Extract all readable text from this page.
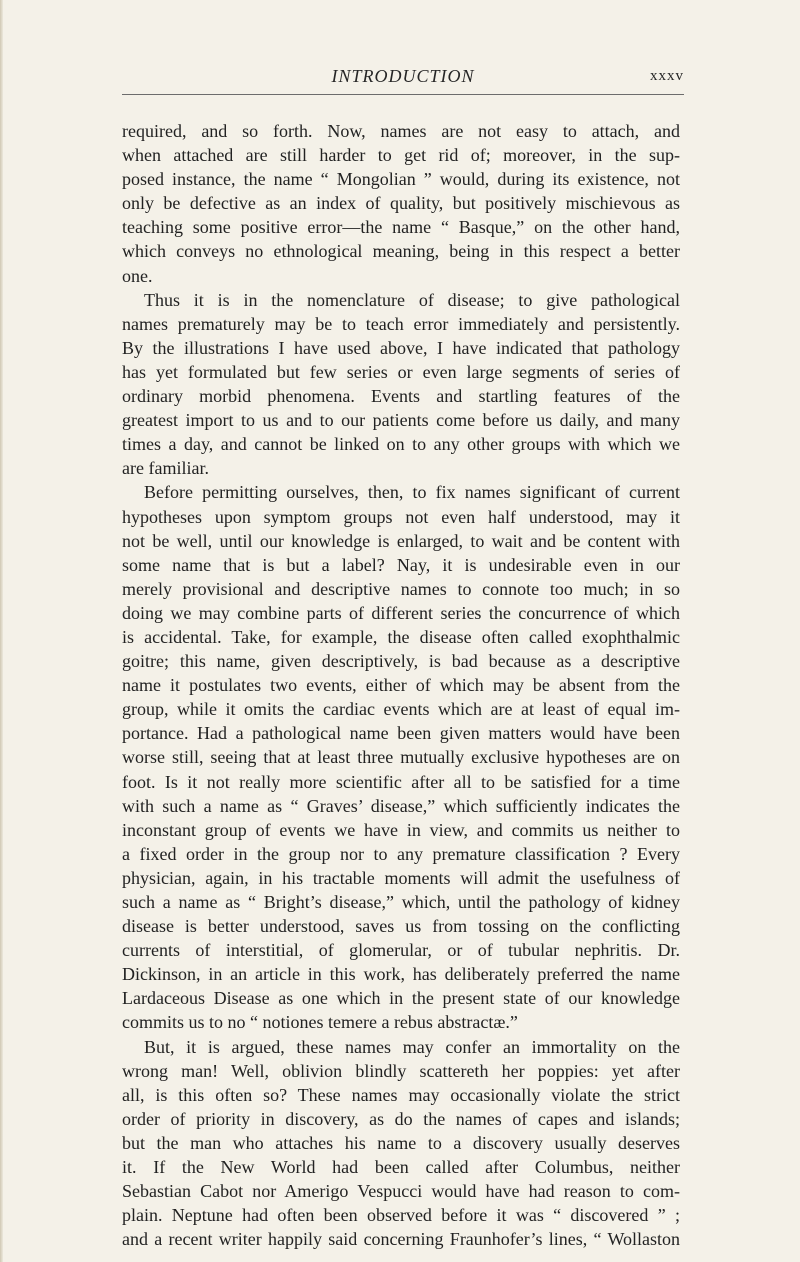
INTRODUCTION	xxxv
required, and so forth. Now, names are not easy to attach, and
when attached are still harder to get rid of; moreover, in the sup-
posed instance, the name “ Mongolian ” would, during its existence, not
only be defective as an index of quality, but positively mischievous as
teaching some positive error—the name “ Basque,” on the other hand,
which conveys no ethnological meaning, being in this respect a better
one.
Thus it is in the nomenclature of disease; to give pathological
names prematurely may be to teach error immediately and persistently.
By the illustrations I have used above, I have indicated that pathology
has yet formulated but few series or even large segments of series of
ordinary morbid phenomena. Events and startling features of the
greatest import to us and to our patients come before us daily, and many
times a day, and cannot be linked on to any other groups with which we
are familiar.
Before permitting ourselves, then, to fix names significant of current
hypotheses upon symptom groups not even half understood, may it
not be well, until our knowledge is enlarged, to wait and be content with
some name that is but a label? Nay, it is undesirable even in our
merely provisional and descriptive names to connote too much; in so
doing we may combine parts of different series the concurrence of which
is accidental. Take, for example, the disease often called exophthalmic
goitre; this name, given descriptively, is bad because as a descriptive
name it postulates two events, either of which may be absent from the
group, while it omits the cardiac events which are at least of equal im-
portance. Had a pathological name been given matters would have been
worse still, seeing that at least three mutually exclusive hypotheses are on
foot. Is it not really more scientific after all to be satisfied for a time
with such a name as “ Graves’ disease,” which sufficiently indicates the
inconstant group of events we have in view, and commits us neither to
a fixed order in the group nor to any premature classification ? Every
physician, again, in his tractable moments will admit the usefulness of
such a name as “ Bright’s disease,” which, until the pathology of kidney
disease is better understood, saves us from tossing on the conflicting
currents of interstitial, of glomerular, or of tubular nephritis. Dr.
Dickinson, in an article in this work, has deliberately preferred the name
Lardaceous Disease as one which in the present state of our knowledge
commits us to no “ notiones temere a rebus abstractæ.”
But, it is argued, these names may confer an immortality on the
wrong man! Well, oblivion blindly scattereth her poppies: yet after
all, is this often so? These names may occasionally violate the strict
order of priority in discovery, as do the names of capes and islands;
but the man who attaches his name to a discovery usually deserves
it. If the New World had been called after Columbus, neither
Sebastian Cabot nor Amerigo Vespucci would have had reason to com-
plain. Neptune had often been observed before it was “ discovered ” ;
and a recent writer happily said concerning Fraunhofer’s lines, “ Wollaston
